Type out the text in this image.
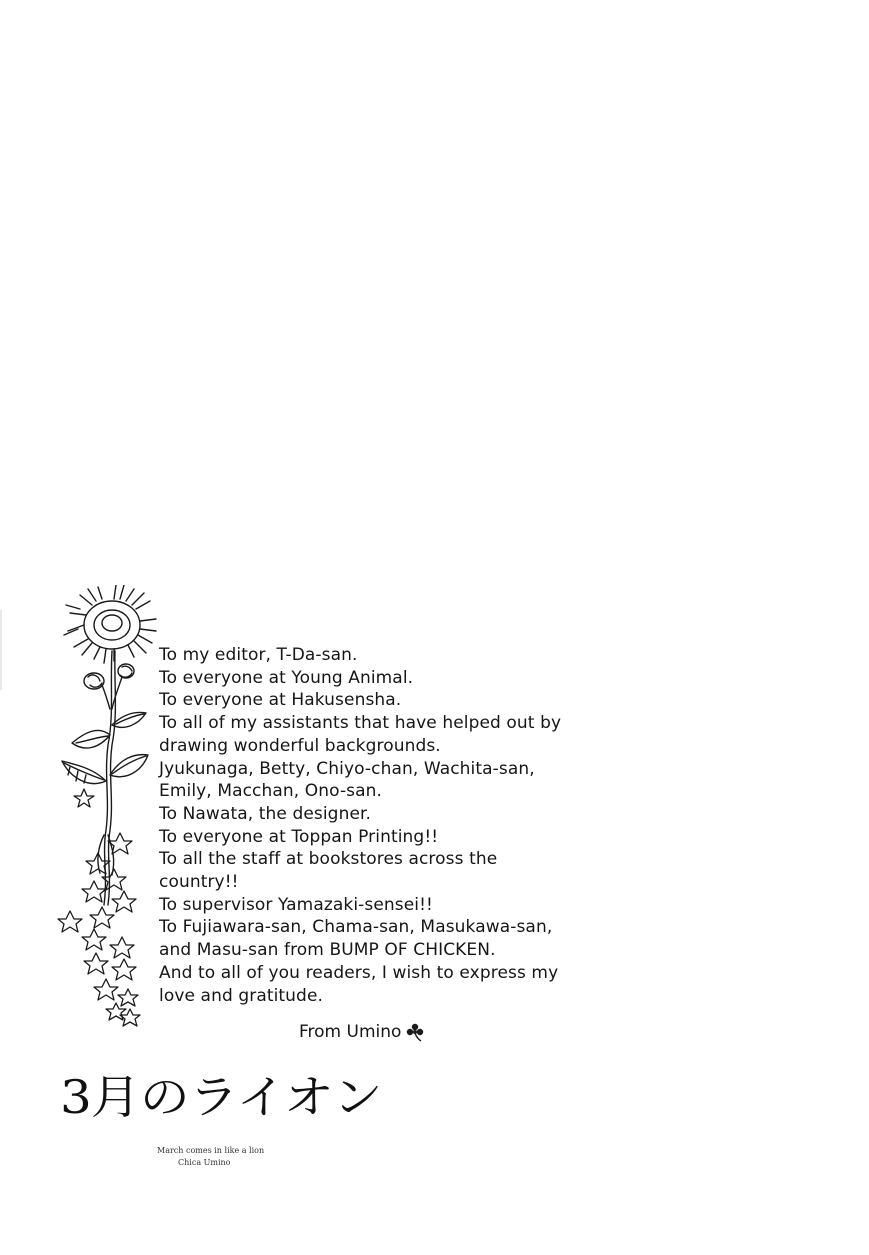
To my editor, T-Da-san.
To everyone at Young Animal.
To everyone at Hakusensha.
To all of my assistants that have helped out by
drawing wonderful backgrounds.
Jyukunaga, Betty, Chiyo-chan, Wachita-san,
Emily, Macchan, Ono-san.
To Nawata, the designer.
To everyone at Toppan Printing!!
To all the staff at bookstores across the
country!!
To supervisor Yamazaki-sensei!!
To Fujiawara-san, Chama-san, Masukawa-san,
and Masu-san from BUMP OF CHICKEN.
And to all of you readers, I wish to express my
love and gratitude.
From Umino
3月のライオン
March comes in like a lion
Chica Umino
